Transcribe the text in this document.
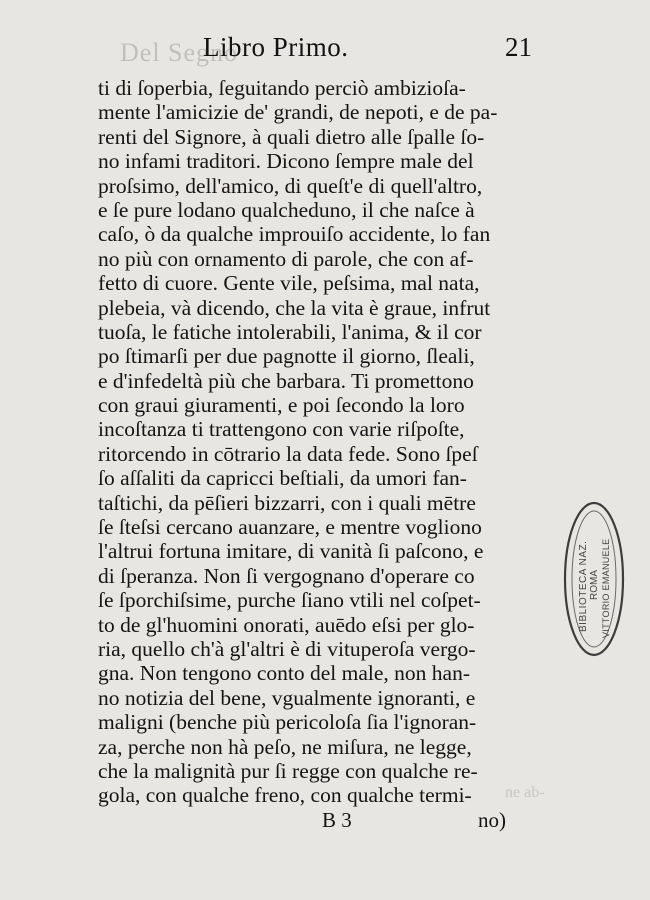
Del Segno
Libro Primo.	21
ti di ſoperbia, ſeguitando perciò ambizioſa-
mente l'amicizie de' grandi, de nepoti, e de pa-
renti del Signore, à quali dietro alle ſpalle ſo-
no infami traditori. Dicono ſempre male del
proſsimo, dell'amico, di queſt'e di quell'altro,
e ſe pure lodano qualcheduno, il che naſce à
caſo, ò da qualche improuiſo accidente, lo fan
no più con ornamento di parole, che con af-
fetto di cuore. Gente vile, peſsima, mal nata,
plebeia, và dicendo, che la vita è graue, infrut
tuoſa, le fatiche intolerabili, l'anima, & il cor
po ſtimarſi per due pagnotte il giorno, ſleali,
e d'infedeltà più che barbara. Ti promettono
con graui giuramenti, e poi ſecondo la loro
incoſtanza ti trattengono con varie riſpoſte,
ritorcendo in cōtrario la data fede. Sono ſpeſ
ſo aſſaliti da capricci beſtiali, da umori fan-
taſtichi, da pēſieri bizzarri, con i quali mētre
ſe ſteſsi cercano auanzare, e mentre vogliono
l'altrui fortuna imitare, di vanità ſi paſcono, e
di ſperanza. Non ſi vergognano d'operare co
ſe ſporchiſsime, purche ſiano vtili nel coſpet-
to de gl'huomini onorati, auēdo eſsi per glo-
ria, quello ch'à gl'altri è di vituperoſa vergo-
gna. Non tengono conto del male, non han-
no notizia del bene, vgualmente ignoranti, e
maligni (benche più pericoloſa ſia l'ignoran-
za, perche non hà peſo, ne miſura, ne legge,
che la malignità pur ſi regge con qualche re-
gola, con qualche freno, con qualche termi-	ne ab-
B 3	no)
BIBLIOTECA NAZ. ROMA VITTORIO EMANUELE
